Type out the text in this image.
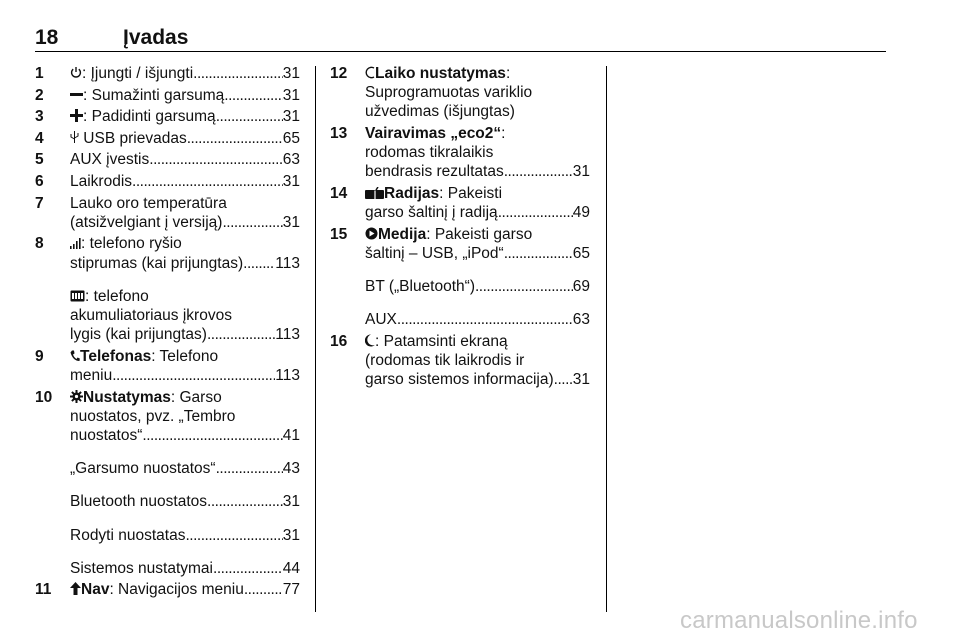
18	Įvadas
1	: Įjungti / išjungti . . .	31
2	: Sumažinti garsumą . . .	31
3	: Padidinti garsumą . . .	31
4	USB prievadas . . .	65
5 AUX įvestis . . .	63
6 Laikrodis . . .	31
7 Lauko oro temperatūra
(atsižvelgiant į versiją) . . .	31
8	: telefono ryšio
stiprumas (kai prijungtas) . . . 113
: telefono
akumuliatoriaus įkrovos
lygis (kai prijungtas) . . .	113
9	Telefonas: Telefono
meniu . . .	113
10	Nustatymas: Garso
nuostatos, pvz. „Tembro
nuostatos“ . . .	41
„Garsumo nuostatos“ . . .	43
Bluetooth nuostatos . . .	31
Rodyti nuostatas . . .	31
Sistemos nustatymai . . .	44
11	Nav: Navigacijos meniu . . .	77
12	Laiko nustatymas:
Suprogramuotas variklio
užvedimas (išjungtas)
13 Vairavimas „eco2“:
rodomas tikralaikis
bendrasis rezultatas . . .	31
14	Radijas: Pakeisti
garso šaltinį į radiją . . .	49
15	Medija: Pakeisti garso
šaltinį – USB, „iPod“ . . .	65
BT („Bluetooth“) . . .	69
AUX . . .	63
16	: Patamsinti ekraną
(rodomas tik laikrodis ir
garso sistemos informacija) . . . 31
carmanualsonline.info
